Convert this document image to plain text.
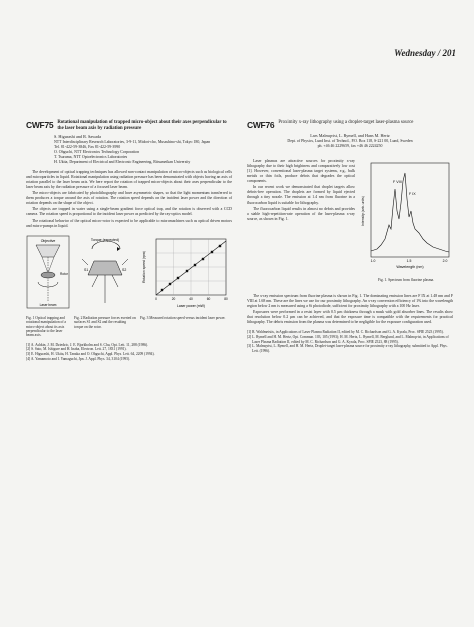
Wednesday / 201
CWF75 Rotational manipulation of trapped micro-object about their axes perpendicular to the laser beam axis by radiation pressure
S. Higurashi and R. Sawada
NTT Interdisciplinary Research Laboratories, 3-9-11, Midori-cho, Musashino-shi, Tokyo 180, Japan
Tel. 81-422-59-3846, Fax 81-422-59-3990
O. Ohguchi, NTT Electronics Technology Corporation
T. Tsuruma, NTT Optoelectronics Laboratories
H. Ukita, Department of Electrical and Electronic Engineering, Ritsumeikan University

The development of optical trapping techniques has allowed non-contact manipulation of micro-objects such as biological cells and microparticles in liquid. Rotational manipulation using radiation pressure has been demonstrated with objects having an axis of rotation parallel to the laser beam axis. We here report the rotation of trapped micro-objects about their axes perpendicular to the laser beam axis by the radiation pressure of a focused laser beam.

The micro-objects are fabricated by photolithography and have asymmetric shapes, so that the light momentum transferred to them produces a torque around the axis of rotation. The rotation speed depends on the incident laser power and the direction of rotation depends on the shape of the object.

The objects are trapped in water using a single-beam gradient force optical trap, and the rotation is observed with a CCD camera. The rotation speed is proportional to the incident laser power as predicted by the ray-optics model.

The rotational behavior of the optical micro-rotor is expected to be applicable to micromachines such as optical driven motors and micro-pumps in liquid.

Objective
Rotor
Laser beam
Fig. 1 Optical trapping and rotational manipulation of a micro-object about its axis perpendicular to the laser beam axis.
Torque (expected)
S1	S2
Fig. 2 Radiation pressure forces exerted on surfaces S1 and S2 and the resulting torque on the rotor.
0	20	40	60	80
Laser power (mW)
Rotation speed (rpm)
Fig. 3 Measured rotation speed versus incident laser power.
[1] A. Ashkin, J. M. Dziedzic, J. E. Bjorkholm and S. Chu, Opt. Lett. 11, 288 (1986).
[2] S. Sato, M. Ishigure and H. Inaba, Electron. Lett. 27, 1831 (1991).
[3] E. Higurashi, H. Ukita, H. Tanaka and O. Ohguchi, Appl. Phys. Lett. 64, 2209 (1994).
[4] A. Yamamoto and I. Yamaguchi, Jpn. J. Appl. Phys. 34, 3104 (1995).
CWF76 Proximity x-ray lithography using a droplet-target laser-plasma source
Lars Malmqvist, L. Rymell, and Hans M. Hertz
Dept. of Physics, Lund Inst. of Technol., P.O. Box 118, S-221 00, Lund, Sweden
ph. +46 46 2229659, fax +46 46 2224250

Laser plasmas are attractive sources for proximity x-ray lithography due to their high brightness and comparatively low cost [1]. However, conventional laser-plasma target systems, e.g., bulk metals or thin foils, produce debris that degrades the optical components.

In our recent work we demonstrated that droplet targets allow debris-free operation. The droplets are formed by liquid ejected through a tiny nozzle. The emission at 1.4 nm from fluorine in a fluorocarbon liquid is suitable for lithography.

The fluorocarbon liquid results in almost no debris and provides a stable high-repetition-rate operation of the laser-plasma x-ray source, as shown in Fig. 1.

F VIII
F IX
1.0	1.5	2.0
Wavelength (nm)
Intensity (arb. units)
Fig. 1. Spectrum from fluorine plasma.

The x-ray emission spectrum from fluorine plasma is shown in Fig. 1. The dominating emission lines are F IX at 1.48 nm and F VIII at 1.68 nm. These are the lines we use for our proximity lithography. An x-ray conversion efficiency of 1% into the wavelength region below 2 nm is measured using a Si photodiode, sufficient for proximity lithography with a 100 Hz laser.

Exposures were performed in a resist layer with 0.5 µm thickness through a mask with gold absorber lines. The results show that resolution below 0.2 µm can be achieved, and that the exposure time is compatible with the requirements for practical lithography. The debris emission from the plasma was determined to be negligible for the exposure configuration used.

[1] R. Waldmeistis, in Applications of Laser Plasma Radiation II, edited by M. C. Richardson and G. A. Kyrala, Proc. SPIE 2523 (1995).
[2] L. Rymell and H. M. Hertz, Opt. Commun. 103, 105 (1993); H. M. Hertz, L. Rymell, M. Berglund, and L. Malmqvist, in Applications of Laser Plasma Radiation II, edited by M. C. Richardson and G. A. Kyrala, Proc. SPIE 2523, 88 (1995).
[3] L. Malmqvist, L. Rymell, and H. M. Hertz, Droplet-target laser-plasma source for proximity x-ray lithography, submitted to Appl. Phys. Lett. (1996).
